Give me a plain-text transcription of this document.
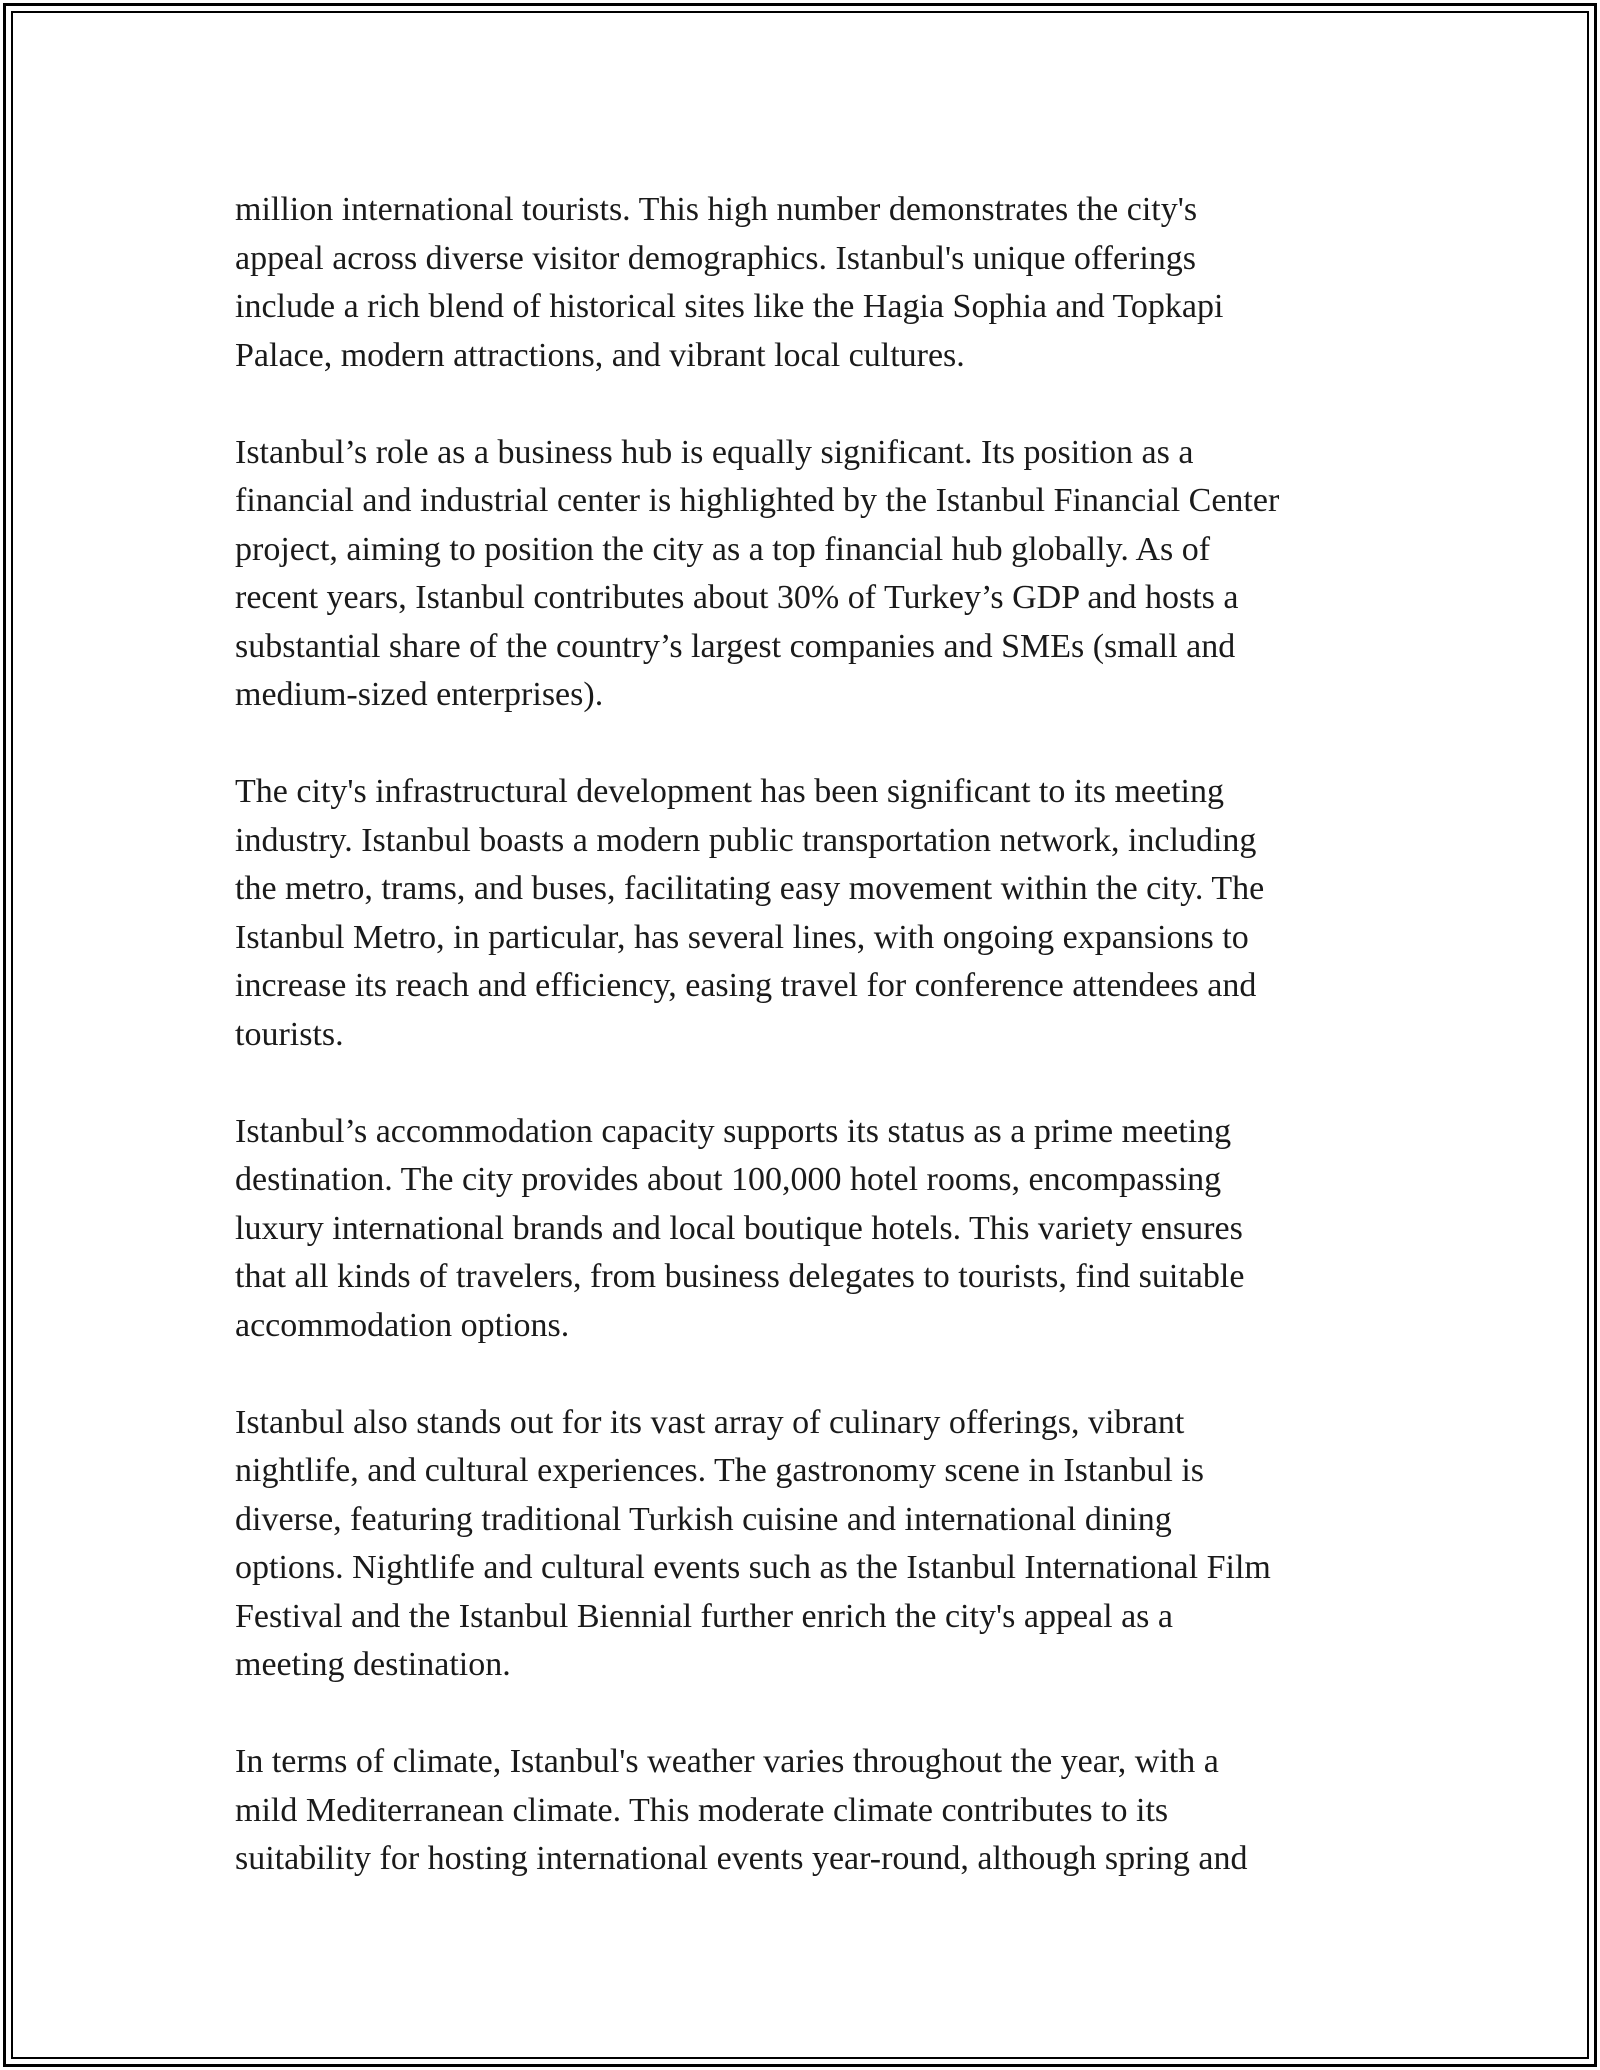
million international tourists. This high number demonstrates the city's
appeal across diverse visitor demographics. Istanbul's unique offerings
include a rich blend of historical sites like the Hagia Sophia and Topkapi
Palace, modern attractions, and vibrant local cultures.

Istanbul’s role as a business hub is equally significant. Its position as a
financial and industrial center is highlighted by the Istanbul Financial Center
project, aiming to position the city as a top financial hub globally. As of
recent years, Istanbul contributes about 30% of Turkey’s GDP and hosts a
substantial share of the country’s largest companies and SMEs (small and
medium-sized enterprises).

The city's infrastructural development has been significant to its meeting
industry. Istanbul boasts a modern public transportation network, including
the metro, trams, and buses, facilitating easy movement within the city. The
Istanbul Metro, in particular, has several lines, with ongoing expansions to
increase its reach and efficiency, easing travel for conference attendees and
tourists.

Istanbul’s accommodation capacity supports its status as a prime meeting
destination. The city provides about 100,000 hotel rooms, encompassing
luxury international brands and local boutique hotels. This variety ensures
that all kinds of travelers, from business delegates to tourists, find suitable
accommodation options.

Istanbul also stands out for its vast array of culinary offerings, vibrant
nightlife, and cultural experiences. The gastronomy scene in Istanbul is
diverse, featuring traditional Turkish cuisine and international dining
options. Nightlife and cultural events such as the Istanbul International Film
Festival and the Istanbul Biennial further enrich the city's appeal as a
meeting destination.

In terms of climate, Istanbul's weather varies throughout the year, with a
mild Mediterranean climate. This moderate climate contributes to its
suitability for hosting international events year-round, although spring and
